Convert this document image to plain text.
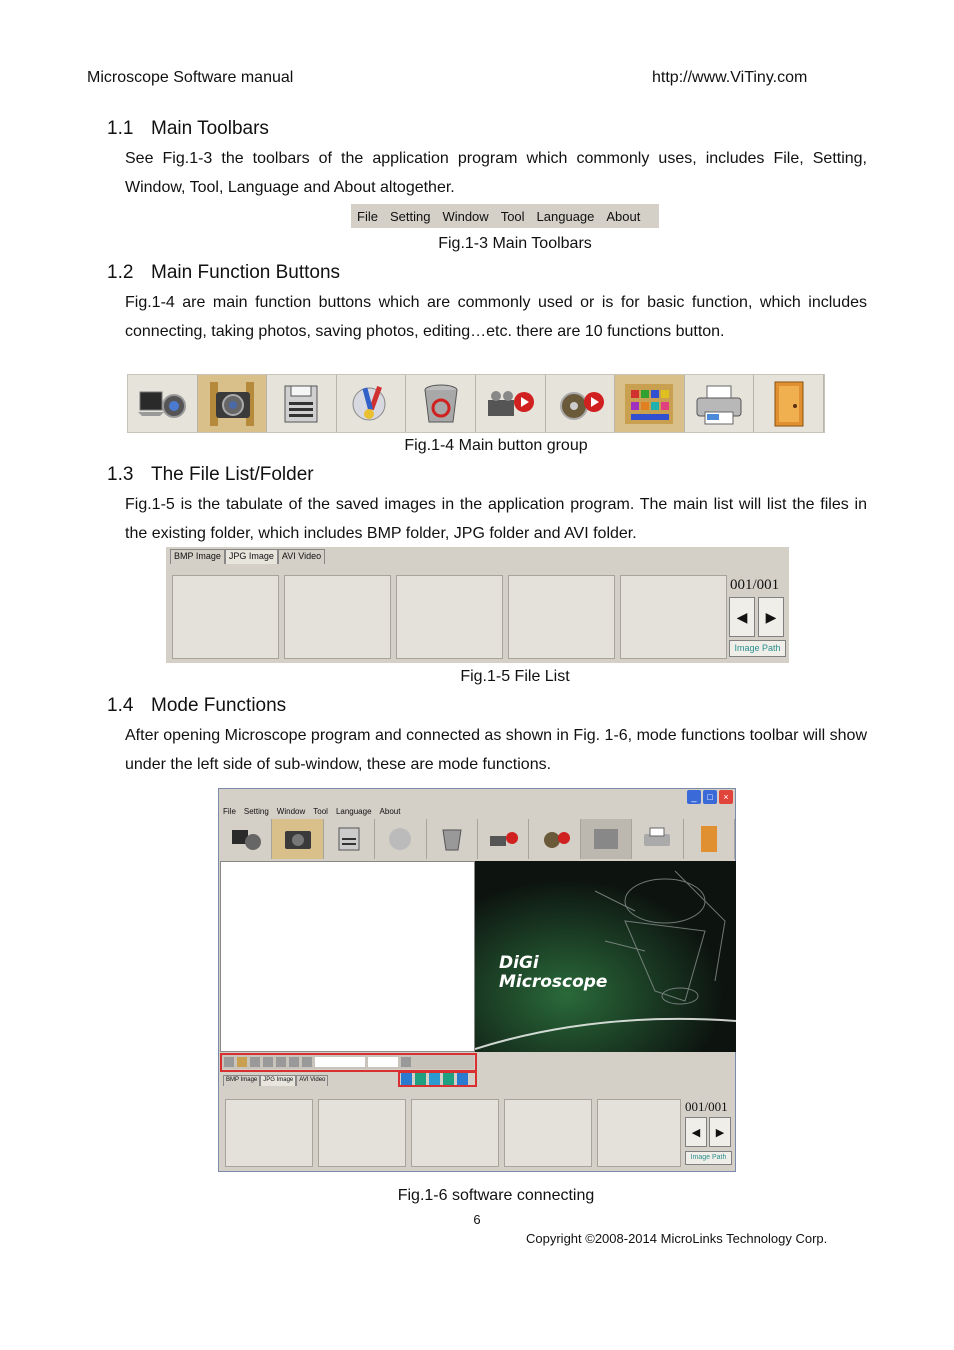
Microscope Software manual	http://www.ViTiny.com
1.1 Main Toolbars
See Fig.1-3 the toolbars of the application program which commonly uses, includes File, Setting, Window, Tool, Language and About altogether.
File Setting Window Tool Language About
Fig.1-3 Main Toolbars
1.2 Main Function Buttons
Fig.1-4 are main function buttons which are commonly used or is for basic function, which includes connecting, taking photos, saving photos, editing…etc. there are 10 functions button.
Fig.1-4 Main button group
1.3 The File List/Folder
Fig.1-5 is the tabulate of the saved images in the application program. The main list will list the files in the existing folder, which includes BMP folder, JPG folder and AVI folder.
BMP Image JPG Image AVI Video
001/001
◀	▶
Image Path
Fig.1-5 File List
1.4 Mode Functions
After opening Microscope program and connected as shown in Fig. 1-6, mode functions toolbar will show under the left side of sub-window, these are mode functions.
_	□	×
File Setting Window Tool Language About
DiGi
Microscope
BMP Image	JPG Image	AVI Video
001/001
◀	▶
Image Path
Fig.1-6 software connecting
6
Copyright ©2008-2014 MicroLinks Technology Corp.
